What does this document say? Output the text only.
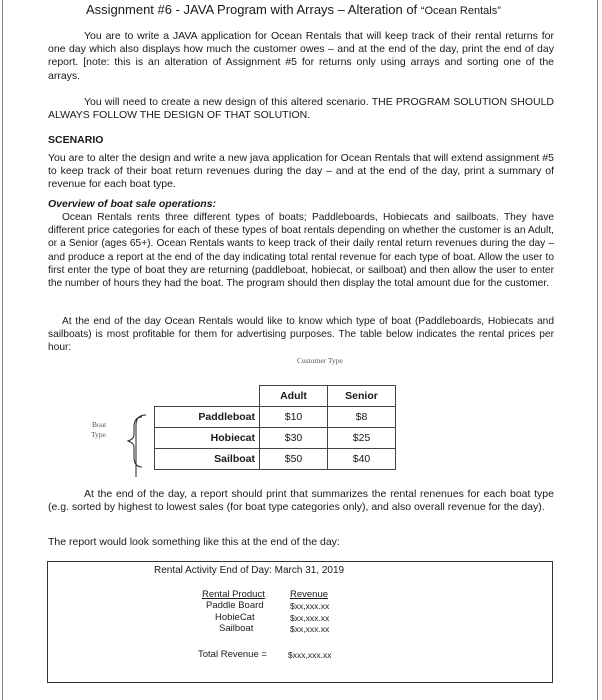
Assignment #6 - JAVA Program with Arrays – Alteration of “Ocean Rentals”

You are to write a JAVA application for Ocean Rentals that will keep track of their rental returns for one day which also displays how much the customer owes – and at the end of the day, print the end of day report. [note: this is an alteration of Assignment #5 for returns only using arrays and sorting one of the arrays.

You will need to create a new design of this altered scenario. THE PROGRAM SOLUTION SHOULD ALWAYS FOLLOW THE DESIGN OF THAT SOLUTION.

SCENARIO

You are to alter the design and write a new java application for Ocean Rentals that will extend assignment #5 to keep track of their boat return revenues during the day – and at the end of the day, print a summary of revenue for each boat type.

Overview of boat sale operations:

Ocean Rentals rents three different types of boats; Paddleboards, Hobiecats and sailboats. They have different price categories for each of these types of boat rentals depending on whether the customer is an Adult, or a Senior (ages 65+). Ocean Rentals wants to keep track of their daily rental return revenues during the day – and produce a report at the end of the day indicating total rental revenue for each type of boat. Allow the user to first enter the type of boat they are returning (paddleboat, hobiecat, or sailboat) and then allow the user to enter the number of hours they had the boat. The program should then display the total amount due for the customer.

At the end of the day Ocean Rentals would like to know which type of boat (Paddleboards, Hobiecats and sailboats) is most profitable for them for advertising purposes. The table below indicates the rental prices per hour:

Customer Type
Boat
Type
	Adult	Senior
Paddleboat	$10	$8
Hobiecat	$30	$25
Sailboat	$50	$40

At the end of the day, a report should print that summarizes the rental renenues for each boat type (e.g. sorted by highest to lowest sales (for boat type categories only), and also overall revenue for the day).

The report would look something like this at the end of the day:

Rental Activity End of Day: March 31, 2019
Rental Product	Revenue
Paddle Board	$xx,xxx.xx
HobieCat	$xx,xxx.xx
Sailboat	$xx,xxx.xx
Total Revenue = $xxx,xxx.xx
